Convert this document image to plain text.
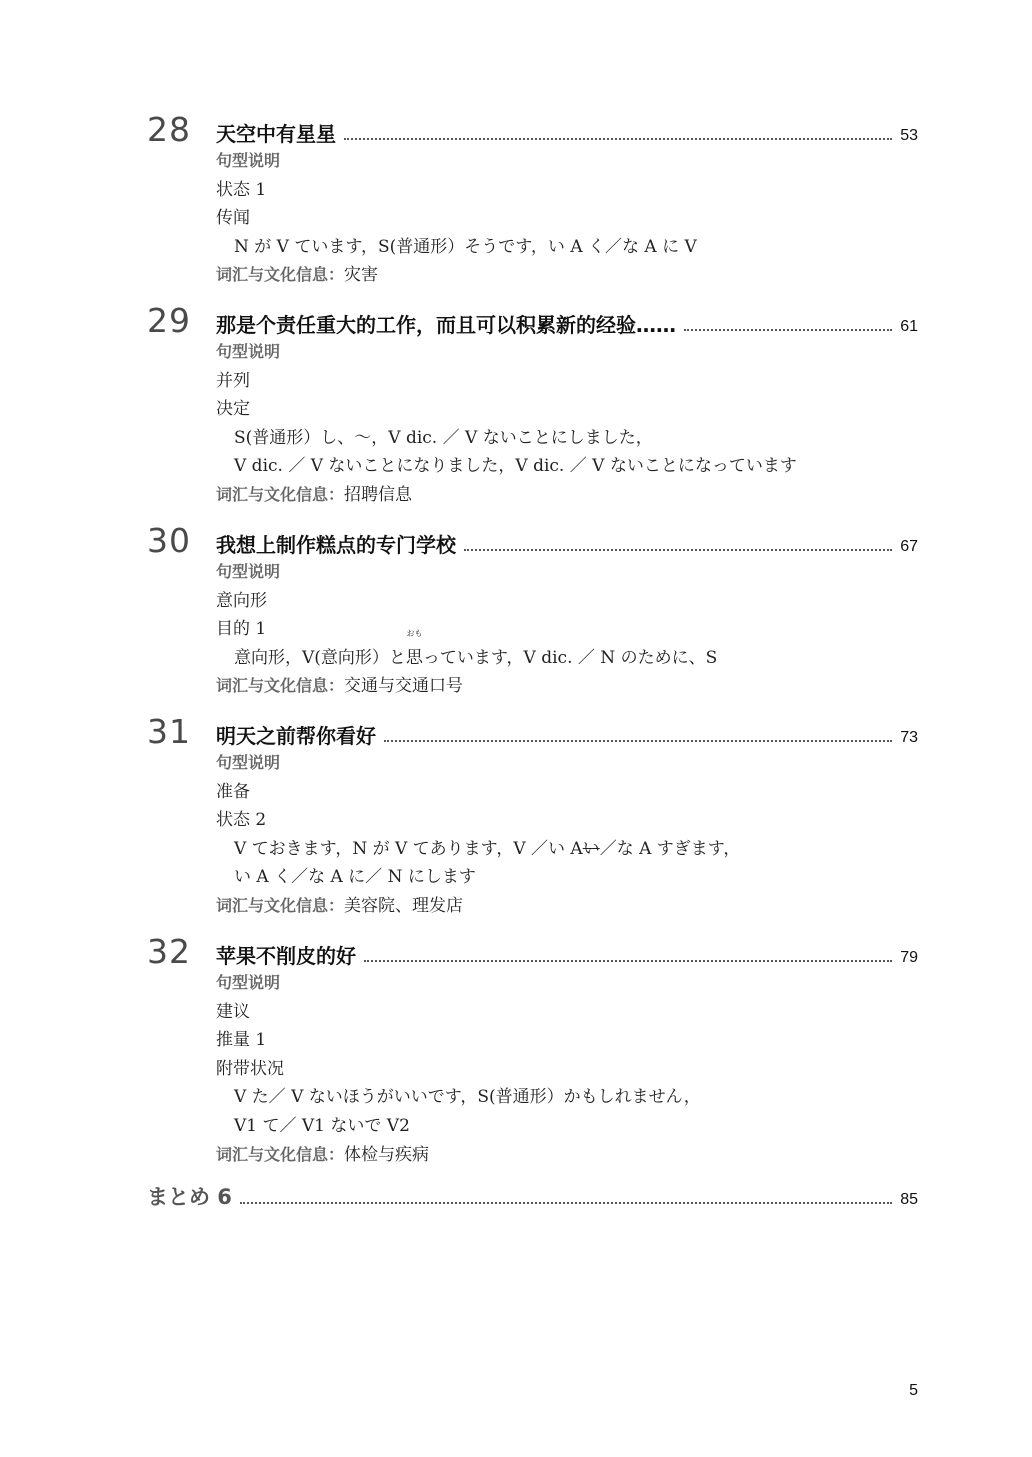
28 天空中有星星	53
句型说明
状态 1
传闻
N が V ています，S(普通形）そうです，い A く／な A に V
词汇与文化信息：灾害
29 那是个责任重大的工作，而且可以积累新的经验……	61
句型说明
并列
决定
S(普通形）し、～，V dic. ／ V ないことにしました，
V dic. ／ V ないことになりました，V dic. ／ V ないことになっています
词汇与文化信息：招聘信息
30 我想上制作糕点的专门学校	67
句型说明
意向形
目的 1
意向形，V(意向形）と
おも
思っています，V dic. ／ N のために、S
词汇与文化信息：交通与交通口号
31 明天之前帮你看好	73
句型说明
准备
状态 2
V ておきます，N が V てあります，V ／い Aい／な A すぎます，
い A く／な A に／ N にします
词汇与文化信息：美容院、理发店
32 苹果不削皮的好	79
句型说明
建议
推量 1
附带状况
V た／ V ないほうがいいです，S(普通形）かもしれません，
V1 て／ V1 ないで V2
词汇与文化信息：体检与疾病
まとめ 6	85
5
